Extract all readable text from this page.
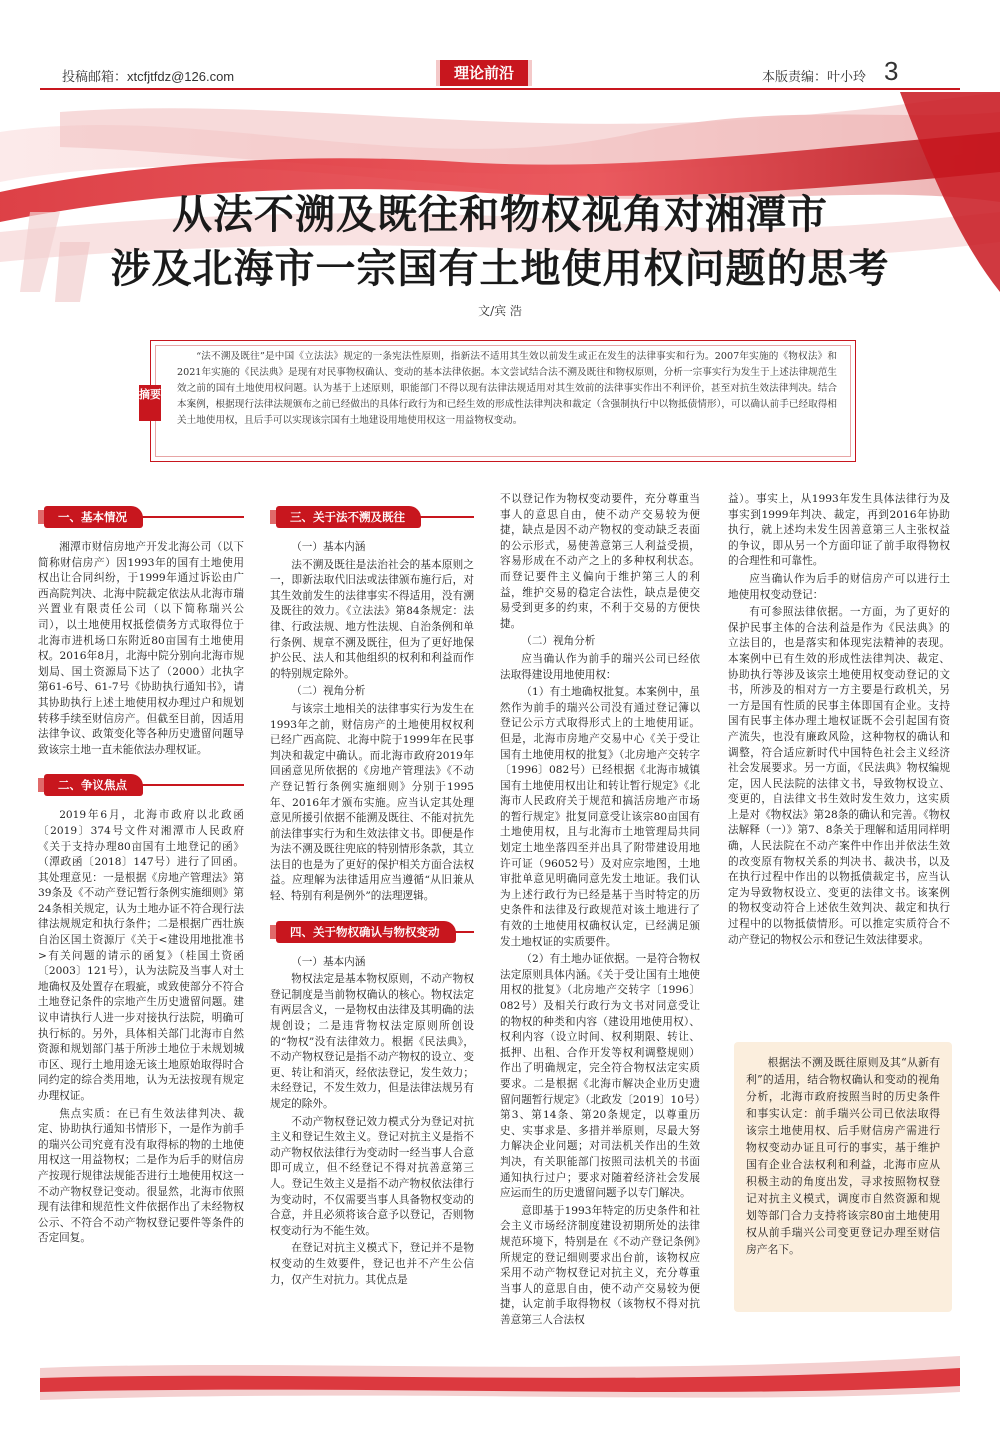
投稿邮箱：xtcfjtfdz@126.com	理论前沿	本版责编：叶小玲 3
从法不溯及既往和物权视角对湘潭市
涉及北海市一宗国有土地使用权问题的思考
文/宾 浩
摘要
“法不溯及既往”是中国《立法法》规定的一条宪法性原则，指新法不适用其生效以前发生或正在发生的法律事实和行为。2007年实施的《物权法》和2021年实施的《民法典》是现有对民事物权确认、变动的基本法律依据。本文尝试结合法不溯及既往和物权原则，分析一宗事实行为发生于上述法律规范生效之前的国有土地使用权问题。认为基于上述原则，职能部门不得以现有法律法规适用对其生效前的法律事实作出不利评价，甚至对抗生效法律判决。结合本案例，根据现行法律法规颁布之前已经做出的具体行政行为和已经生效的形成性法律判决和裁定（含强制执行中以物抵债情形），可以确认前手已经取得相关土地使用权，且后手可以实现该宗国有土地建设用地使用权这一用益物权变动。
一、基本情况

湘潭市财信房地产开发北海公司（以下简称财信房产）因1993年的国有土地使用权出让合同纠纷，于1999年通过诉讼由广西高院判决、北海中院裁定依法从北海市瑞兴置业有限责任公司（以下简称瑞兴公司），以土地使用权抵偿债务方式取得位于北海市进机场口东附近80亩国有土地使用权。2016年8月，北海中院分别向北海市规划局、国土资源局下达了（2000）北执字第61-6号、61-7号《协助执行通知书》，请其协助执行上述土地使用权办理过户和规划转移手续至财信房产。但截至目前，因适用法律争议、政策变化等各种历史遗留问题导致该宗土地一直未能依法办理权证。

二、争议焦点

2019年6月，北海市政府以北政函〔2019〕374号文件对湘潭市人民政府《关于支持办理80亩国有土地登记的函》（潭政函〔2018〕147号）进行了回函。其处理意见：一是根据《房地产管理法》第39条及《不动产登记暂行条例实施细则》第24条相关规定，认为土地办证不符合现行法律法规规定和执行条件；二是根据广西壮族自治区国土资源厅《关于<建设用地批准书>有关问题的请示的函复》（桂国土资函〔2003〕121号），认为法院及当事人对土地确权及处置存在瑕疵，或致使部分不符合土地登记条件的宗地产生历史遗留问题。建议申请执行人进一步对接执行法院，明确可执行标的。另外，具体相关部门北海市自然资源和规划部门基于所涉土地位于未规划城市区、现行土地用途无该土地原始取得时合同约定的综合类用地，认为无法按现有规定办理权证。

焦点实质：在已有生效法律判决、裁定、协助执行通知书情形下，一是作为前手的瑞兴公司究竟有没有取得标的物的土地使用权这一用益物权；二是作为后手的财信房产按现行规律法规能否进行土地使用权这一不动产物权登记变动。很显然，北海市依照现有法律和规范性文件依据作出了未经物权公示、不符合不动产物权登记要件等条件的否定回复。

三、关于法不溯及既往
（一）基本内涵

法不溯及既往是法治社会的基本原则之一，即新法取代旧法或法律颁布施行后，对其生效前发生的法律事实不得适用，没有溯及既往的效力。《立法法》第84条规定：法律、行政法规、地方性法规、自治条例和单行条例、规章不溯及既往，但为了更好地保护公民、法人和其他组织的权利和利益而作的特别规定除外。

（二）视角分析

与该宗土地相关的法律事实行为发生在1993年之前，财信房产的土地使用权权利已经广西高院、北海中院于1999年在民事判决和裁定中确认。而北海市政府2019年回函意见所依据的《房地产管理法》《不动产登记暂行条例实施细则》分别于1995年、2016年才颁布实施。应当认定其处理意见所援引依据不能溯及既往、不能对抗先前法律事实行为和生效法律文书。即便是作为法不溯及既往兜底的特别情形条款，其立法目的也是为了更好的保护相关方面合法权益。应理解为法律适用应当遵循“从旧兼从轻、特别有利是例外”的法理逻辑。

四、关于物权确认与物权变动
（一）基本内涵

物权法定是基本物权原则，不动产物权登记制度是当前物权确认的核心。物权法定有两层含义，一是物权由法律及其明确的法规创设；二是违背物权法定原则所创设的“物权”没有法律效力。根据《民法典》，不动产物权登记是指不动产物权的设立、变更、转让和消灭，经依法登记，发生效力；未经登记，不发生效力，但是法律法规另有规定的除外。

不动产物权登记效力模式分为登记对抗主义和登记生效主义。登记对抗主义是指不动产物权依法律行为变动时一经当事人合意即可成立，但不经登记不得对抗善意第三人。登记生效主义是指不动产物权依法律行为变动时，不仅需要当事人具备物权变动的合意，并且必须将该合意予以登记，否则物权变动行为不能生效。

在登记对抗主义模式下，登记并不是物权变动的生效要件，登记也并不产生公信力，仅产生对抗力。其优点是

不以登记作为物权变动要件，充分尊重当事人的意思自由，使不动产交易较为便捷，缺点是因不动产物权的变动缺乏表面的公示形式，易使善意第三人利益受损，容易形成在不动产之上的多种权利状态。而登记要件主义偏向于维护第三人的利益，维护交易的稳定合法性，缺点是使交易受到更多的约束，不利于交易的方便快捷。

（二）视角分析

应当确认作为前手的瑞兴公司已经依法取得建设用地使用权：

（1）有土地确权批复。本案例中，虽然作为前手的瑞兴公司没有通过登记簿以登记公示方式取得形式上的土地使用证。但是，北海市房地产交易中心《关于受让国有土地使用权的批复》（北房地产交转字〔1996〕082号）已经根据《北海市城镇国有土地使用权出让和转让暂行规定》《北海市人民政府关于规范和搞活房地产市场的暂行规定》批复同意受让该宗80亩国有土地使用权，且与北海市土地管理局共同划定土地坐落四至并出具了附带建设用地许可证（96052号）及对应宗地图，土地审批单意见明确同意先发土地证。我们认为上述行政行为已经是基于当时特定的历史条件和法律及行政规范对该土地进行了有效的土地使用权确权认定，已经满足颁发土地权证的实质要件。

（2）有土地办证依据。一是符合物权法定原则具体内涵。《关于受让国有土地使用权的批复》（北房地产交转字〔1996〕082号）及相关行政行为文书对同意受让的物权的种类和内容（建设用地使用权）、权利内容（设立时间、权利期限、转让、抵押、出租、合作开发等权利调整规则）作出了明确规定，完全符合物权法定实质要求。二是根据《北海市解决企业历史遗留问题暂行规定》（北政发〔2019〕10号）第3、第14条、第20条规定，以尊重历史、实事求是、多措并举原则，尽最大努力解决企业问题；对司法机关作出的生效判决，有关职能部门按照司法机关的书面通知执行过户；要求对随着经济社会发展应运而生的历史遗留问题予以专门解决。

意即基于1993年特定的历史条件和社会主义市场经济制度建设初期所处的法律规范环境下，特别是在《不动产登记条例》所规定的登记细则要求出台前，该物权应采用不动产物权登记对抗主义，充分尊重当事人的意思自由，使不动产交易较为便捷，认定前手取得物权（该物权不得对抗善意第三人合法权

益）。事实上，从1993年发生具体法律行为及事实到1999年判决、裁定，再到2016年协助执行，就上述均未发生因善意第三人主张权益的争议，即从另一个方面印证了前手取得物权的合理性和可靠性。

应当确认作为后手的财信房产可以进行土地使用权变动登记：

有可参照法律依据。一方面，为了更好的保护民事主体的合法利益是作为《民法典》的立法目的，也是落实和体现宪法精神的表现。本案例中已有生效的形成性法律判决、裁定、协助执行等涉及该宗土地使用权变动登记的文书，所涉及的相对方一方主要是行政机关，另一方是国有性质的民事主体即国有企业。支持国有民事主体办理土地权证既不会引起国有资产流失，也没有廉政风险，这种物权的确认和调整，符合适应新时代中国特色社会主义经济社会发展要求。另一方面，《民法典》物权编规定，因人民法院的法律文书，导致物权设立、变更的，自法律文书生效时发生效力，这实质上是对《物权法》第28条的确认和完善。《物权法解释（一）》第7、8条关于理解和适用同样明确，人民法院在不动产案件中作出并依法生效的改变原有物权关系的判决书、裁决书，以及在执行过程中作出的以物抵债裁定书，应当认定为导致物权设立、变更的法律文书。该案例的物权变动符合上述依生效判决、裁定和执行过程中的以物抵债情形。可以推定实质符合不动产登记的物权公示和登记生效法律要求。

根据法不溯及既往原则及其“从新有利”的适用，结合物权确认和变动的视角分析，北海市政府按照当时的历史条件和事实认定：前手瑞兴公司已依法取得该宗土地使用权、后手财信房产需进行物权变动办证且可行的事实，基于维护国有企业合法权利和利益，北海市应从积极主动的角度出发，寻求按照物权登记对抗主义模式，调度市自然资源和规划等部门合力支持将该宗80亩土地使用权从前手瑞兴公司变更登记办理至财信房产名下。
